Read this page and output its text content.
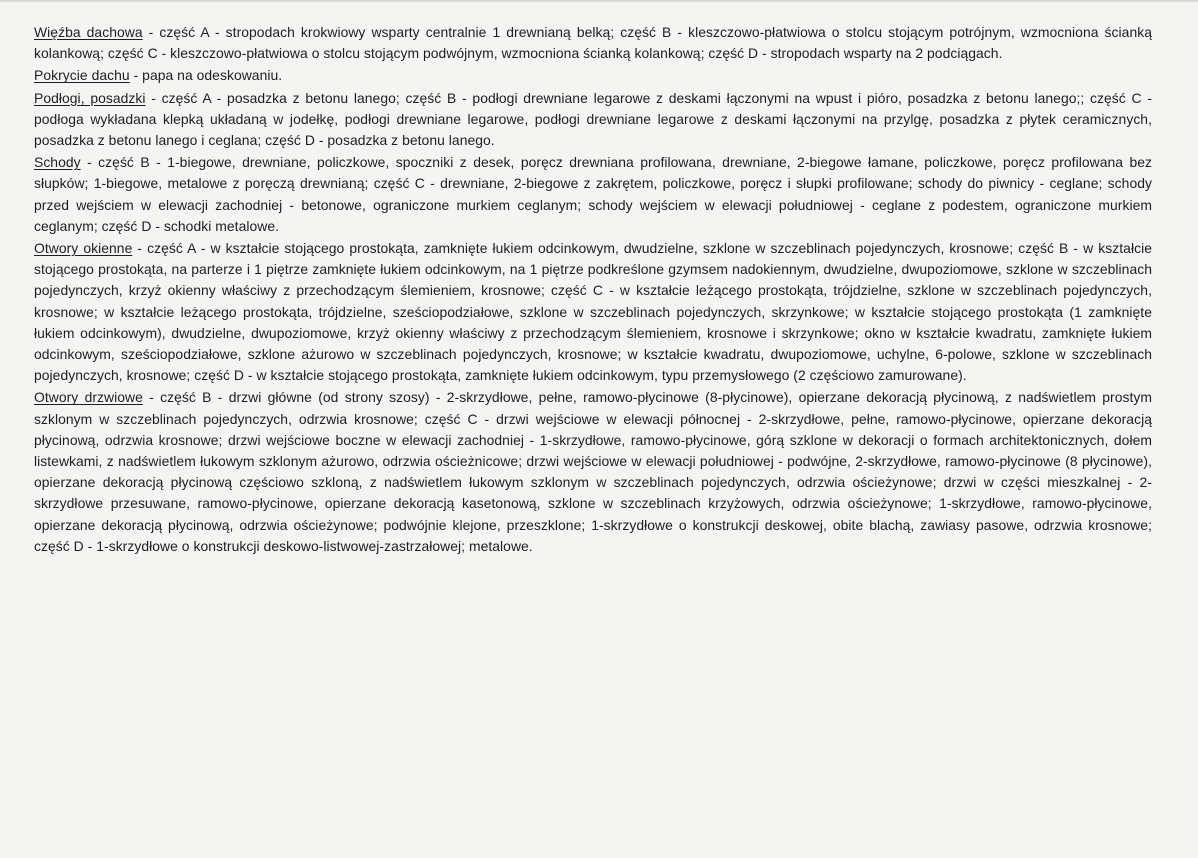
Więźba dachowa - część A - stropodach krokwiowy wsparty centralnie 1 drewnianą belką; część B - kleszczowo-płatwiowa o stolcu stojącym potrójnym, wzmocniona ścianką kolankową; część C - kleszczowo-płatwiowa o stolcu stojącym podwójnym, wzmocniona ścianką kolankową; część D - stropodach wsparty na 2 podciągach.

Pokrycie dachu - papa na odeskowaniu.

Podłogi, posadzki - część A - posadzka z betonu lanego; część B - podłogi drewniane legarowe z deskami łączonymi na wpust i pióro, posadzka z betonu lanego;; część C - podłoga wykładana klepką układaną w jodełkę, podłogi drewniane legarowe, podłogi drewniane legarowe z deskami łączonymi na przylgę, posadzka z płytek ceramicznych, posadzka z betonu lanego i ceglana; część D - posadzka z betonu lanego.

Schody - część B - 1-biegowe, drewniane, policzkowe, spoczniki z desek, poręcz drewniana profilowana, drewniane, 2-biegowe łamane, policzkowe, poręcz profilowana bez słupków; 1-biegowe, metalowe z poręczą drewnianą; część C - drewniane, 2-biegowe z zakrętem, policzkowe, poręcz i słupki profilowane; schody do piwnicy - ceglane; schody przed wejściem w elewacji zachodniej - betonowe, ograniczone murkiem ceglanym; schody wejściem w elewacji południowej - ceglane z podestem, ograniczone murkiem ceglanym; część D - schodki metalowe.

Otwory okienne - część A - w kształcie stojącego prostokąta, zamknięte łukiem odcinkowym, dwudzielne, szklone w szczeblinach pojedynczych, krosnowe; część B - w kształcie stojącego prostokąta, na parterze i 1 piętrze zamknięte łukiem odcinkowym, na 1 piętrze podkreślone gzymsem nadokiennym, dwudzielne, dwupoziomowe, szklone w szczeblinach pojedynczych, krzyż okienny właściwy z przechodzącym ślemieniem, krosnowe; część C - w kształcie leżącego prostokąta, trójdzielne, szklone w szczeblinach pojedynczych, krosnowe; w kształcie leżącego prostokąta, trójdzielne, sześciopodziałowe, szklone w szczeblinach pojedynczych, skrzynkowe; w kształcie stojącego prostokąta (1 zamknięte łukiem odcinkowym), dwudzielne, dwupoziomowe, krzyż okienny właściwy z przechodzącym ślemieniem, krosnowe i skrzynkowe; okno w kształcie kwadratu, zamknięte łukiem odcinkowym, sześciopodziałowe, szklone ażurowo w szczeblinach pojedynczych, krosnowe; w kształcie kwadratu, dwupoziomowe, uchylne, 6-polowe, szklone w szczeblinach pojedynczych, krosnowe; część D - w kształcie stojącego prostokąta, zamknięte łukiem odcinkowym, typu przemysłowego (2 częściowo zamurowane).

Otwory drzwiowe - część B - drzwi główne (od strony szosy) - 2-skrzydłowe, pełne, ramowo-płycinowe (8-płycinowe), opierzane dekoracją płycinową, z nadświetlem prostym szklonym w szczeblinach pojedynczych, odrzwia krosnowe; część C - drzwi wejściowe w elewacji północnej - 2-skrzydłowe, pełne, ramowo-płycinowe, opierzane dekoracją płycinową, odrzwia krosnowe; drzwi wejściowe boczne w elewacji zachodniej - 1-skrzydłowe, ramowo-płycinowe, górą szklone w dekoracji o formach architektonicznych, dołem listewkami, z nadświetlem łukowym szklonym ażurowo, odrzwia ościeżnicowe; drzwi wejściowe w elewacji południowej - podwójne, 2-skrzydłowe, ramowo-płycinowe (8 płycinowe), opierzane dekoracją płycinową częściowo szkloną, z nadświetlem łukowym szklonym w szczeblinach pojedynczych, odrzwia ościeżynowe; drzwi w części mieszkalnej - 2-skrzydłowe przesuwane, ramowo-płycinowe, opierzane dekoracją kasetonową, szklone w szczeblinach krzyżowych, odrzwia ościeżynowe; 1-skrzydłowe, ramowo-płycinowe, opierzane dekoracją płycinową, odrzwia ościeżynowe; podwójnie klejone, przeszklone; 1-skrzydłowe o konstrukcji deskowej, obite blachą, zawiasy pasowe, odrzwia krosnowe; część D - 1-skrzydłowe o konstrukcji deskowo-listwowej-zastrzałowej; metalowe.
